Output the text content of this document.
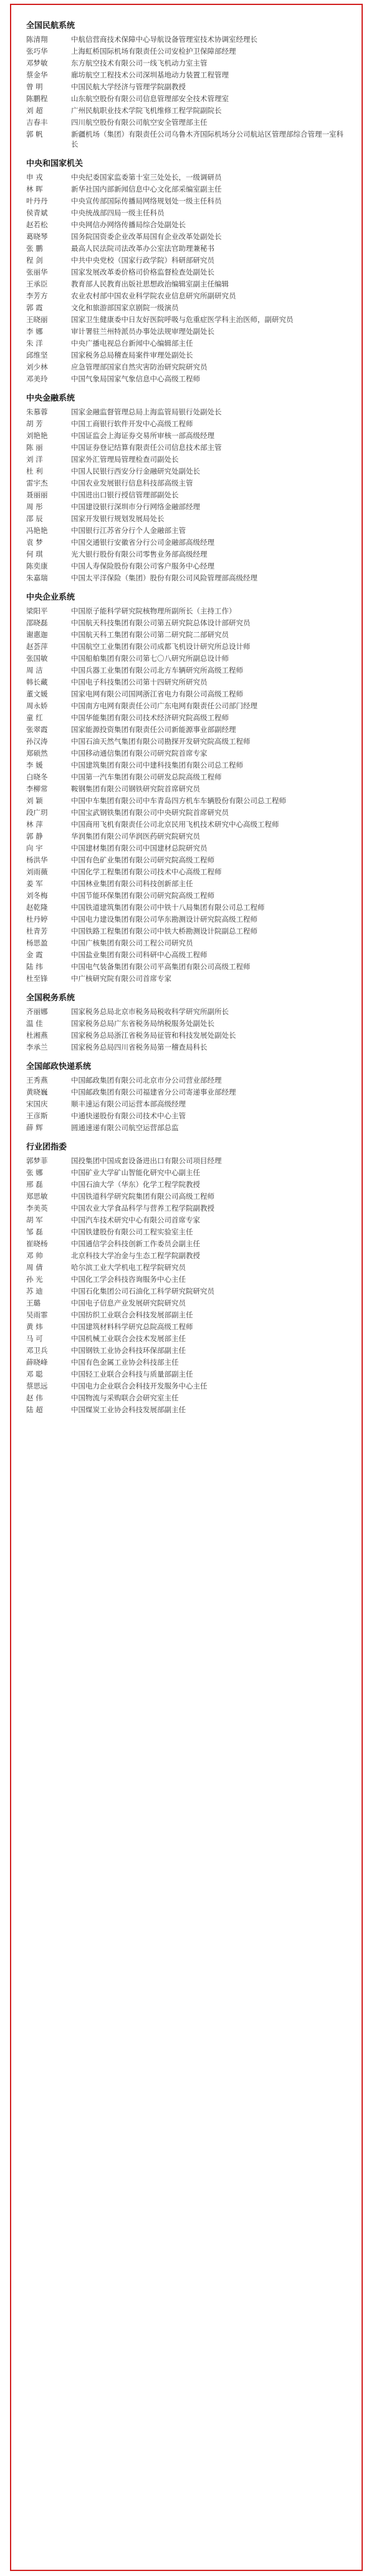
全国民航系统
陈清翔	中航信营商技术保障中心导航设备管理室技术协调室经理长
张巧华	上海虹桥国际机场有限责任公司安检护卫保障部经理
邓梦敏	东方航空技术有限公司一线飞机动力室主管
蔡金华	廊坊航空工程技术公司深圳基地动力装置工程管理
曾 明	中国民航大学经济与管理学院副教授
陈鹏程	山东航空股份有限公司信息管理部安全技术管理室
刘 超	广州民航职业技术学院飞机维修工程学院副院长
吉春丰	四川航空股份有限公司航空安全管理部主任
郭 帆	新疆机场（集团）有限责任公司乌鲁木齐国际机场分公司航站区管理部综合管理一室科长
中央和国家机关
申 戎	中央纪委国家监委第十室三处处长，一级调研员
林 晖	新华社国内部新闻信息中心文化部采编室副主任
叶丹丹	中央宣传部国际传播局网络规划处一级主任科员
侯青斌	中央统战部四局一级主任科员
赵若松	中央网信办网络传播局综合处副处长
葛晓琴	国务院国资委企业改革局国有企业改革处副处长
张 鹏	最高人民法院司法改革办公室法官助理兼秘书
程 剑	中共中央党校（国家行政学院）科研部研究员
张丽华	国家发展改革委价格司价格监督检查处副处长
王承臣	教育部人民教育出版社思想政治编辑室副主任编辑
李芳方	农业农村部中国农业科学院农业信息研究所副研究员
郭 霞	文化和旅游部国家京剧院一级演员
王晓丽	国家卫生健康委中日友好医院呼吸与危重症医学科主治医师，副研究员
李 娜	审计署驻兰州特派员办事处法规审理处副处长
朱 洋	中央广播电视总台新闻中心编辑部主任
邱维坚	国家税务总局稽查局案件审理处副处长
刘少林	应急管理部国家自然灾害防治研究院研究员
邓美玲	中国气象局国家气象信息中心高级工程师
中央金融系统
朱慕蓉	国家金融监督管理总局上海监管局银行处副处长
胡 芳	中国工商银行软件开发中心高级工程师
刘艳艳	中国证监会上海证券交易所审核一部高级经理
陈 丽	中国证券登记结算有限责任公司信息技术部主管
刘 洋	国家外汇管理局管理检查司副处长
杜 利	中国人民银行西安分行金融研究处副处长
雷宇杰	中国农业发展银行信息科技部高级主管
聂丽丽	中国进出口银行授信管理部副处长
周 彤	中国建设银行深圳市分行网络金融部经理
邵 辰	国家开发银行规划发展局处长
冯艳艳	中国银行江苏省分行个人金融部主管
袁 梦	中国交通银行安徽省分行公司金融部高级经理
何 琪	光大银行股份有限公司零售业务部高级经理
陈奕康	中国人寿保险股份有限公司客户服务中心经理
朱嘉瑞	中国太平洋保险（集团）股份有限公司风险管理部高级经理
中央企业系统
梁阳平	中国原子能科学研究院核物理所副所长（主持工作）
邵晓磊	中国航天科技集团有限公司第五研究院总体设计部研究员
谢惠迦	中国航天科工集团有限公司第二研究院二部研究员
赵荟萍	中国航空工业集团有限公司成都飞机设计研究所总设计师
张国敏	中国船舶集团有限公司第七〇八研究所副总设计师
周 洁	中国兵器工业集团有限公司北方车辆研究所高级工程师
韩长藏	中国电子科技集团公司第十四研究所研究员
董文媛	国家电网有限公司国网浙江省电力有限公司高级工程师
周永娇	中国南方电网有限责任公司广东电网有限责任公司部门经理
童 红	中国华能集团有限公司技术经济研究院高级工程师
张翠霞	国家能源投资集团有限责任公司新能源事业部副经理
孙汉涛	中国石油天然气集团有限公司勘探开发研究院高级工程师
郑硕然	中国移动通信集团有限公司研究院首席专家
李 媛	中国建筑集团有限公司中建科技集团有限公司总工程师
白晓冬	中国第一汽车集团有限公司研发总院高级工程师
李柳常	鞍钢集团有限公司钢铁研究院首席研究员
刘 颖	中国中车集团有限公司中车青岛四方机车车辆股份有限公司总工程师
段广玥	中国宝武钢铁集团有限公司中央研究院首席研究员
林 萍	中国商用飞机有限责任公司北京民用飞机技术研究中心高级工程师
郭 静	华润集团有限公司华润医药研究院研究员
向 宇	中国建材集团有限公司中国建材总院研究员
杨洪华	中国有色矿业集团有限公司研究院高级工程师
刘雨薇	中国化学工程集团有限公司技术中心高级工程师
姜 军	中国林业集团有限公司科技创新部主任
刘冬梅	中国节能环保集团有限公司研究院高级工程师
赵乾隆	中国铁道建筑集团有限公司中铁十八局集团有限公司总工程师
杜丹婷	中国电力建设集团有限公司华东勘测设计研究院高级工程师
杜青芳	中国铁路工程集团有限公司中铁大桥勘测设计院副总工程师
杨思盈	中国广核集团有限公司工程公司研究员
金 霞	中国盐业集团有限公司科研中心高级工程师
陆 纬	中国电气装备集团有限公司平高集团有限公司高级工程师
杜至锋	中广核研究院有限公司首席专家
全国税务系统
齐丽娜	国家税务总局北京市税务局税收科学研究所副所长
温 佳	国家税务总局广东省税务局纳税服务处副处长
杜湘燕	国家税务总局浙江省税务局征管和科技发展处副处长
李承兰	国家税务总局四川省税务局第一稽查局科长
全国邮政快递系统
王秀燕	中国邮政集团有限公司北京市分公司营业部经理
黄晓巍	中国邮政集团有限公司福建省分公司寄递事业部经理
宋国庆	顺丰速运有限公司运营本部高级经理
王彦斯	中通快递股份有限公司技术中心主管
薛 辉	圆通速递有限公司航空运营部总监
行业团指委
郭梦菲	国投集团中国成套设备进出口有限公司项目经理
张 娜	中国矿业大学矿山智能化研究中心副主任
邢 磊	中国石油大学（华东）化学工程学院教授
郑思敏	中国铁道科学研究院集团有限公司高级工程师
李美英	中国农业大学食品科学与营养工程学院副教授
胡 军	中国汽车技术研究中心有限公司首席专家
邹 磊	中国铁建股份有限公司工程实验室主任
崔晓杨	中国通信学会科技创新工作委员会副主任
邓 帅	北京科技大学冶金与生态工程学院副教授
周 倩	哈尔滨工业大学机电工程学院研究员
孙 光	中国化工学会科技咨询服务中心主任
苏 迪	中国石化集团公司石油化工科学研究院研究员
王璐	中国电子信息产业发展研究院研究员
吴雨霏	中国纺织工业联合会科技发展部副主任
黄 炜	中国建筑材料科学研究总院高级工程师
马 可	中国机械工业联合会技术发展部主任
邓卫兵	中国钢铁工业协会科技环保部副主任
薛晓峰	中国有色金属工业协会科技部主任
邓 聪	中国轻工业联合会科技与质量部副主任
蔡思远	中国电力企业联合会科技开发服务中心主任
赵 伟	中国物流与采购联合会研究室主任
陆 超	中国煤炭工业协会科技发展部副主任
